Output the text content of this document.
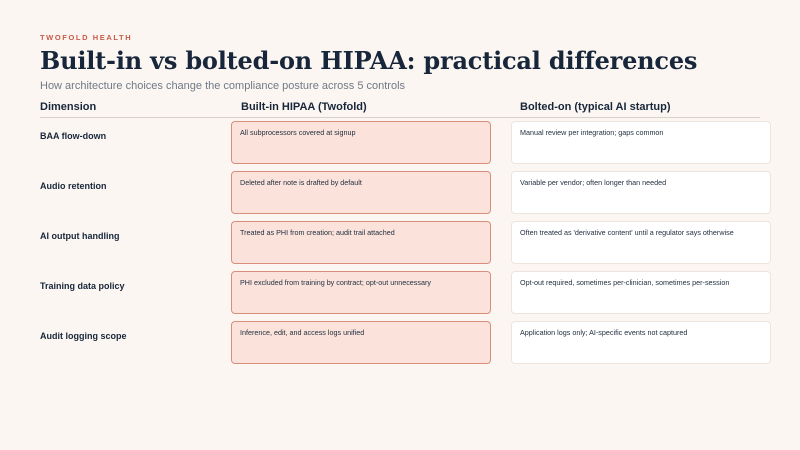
TWOFOLD HEALTH
Built-in vs bolted-on HIPAA: practical differences
How architecture choices change the compliance posture across 5 controls
Dimension	Built-in HIPAA (Twofold)	Bolted-on (typical AI startup)
BAA flow-down	All subprocessors covered at signup	Manual review per integration; gaps common
Audio retention	Deleted after note is drafted by default	Variable per vendor; often longer than needed
AI output handling	Treated as PHI from creation; audit trail attached	Often treated as 'derivative content' until a regulator says otherwise
Training data policy	PHI excluded from training by contract; opt-out unnecessary	Opt-out required, sometimes per-clinician, sometimes per-session
Audit logging scope	Inference, edit, and access logs unified	Application logs only; AI-specific events not captured
